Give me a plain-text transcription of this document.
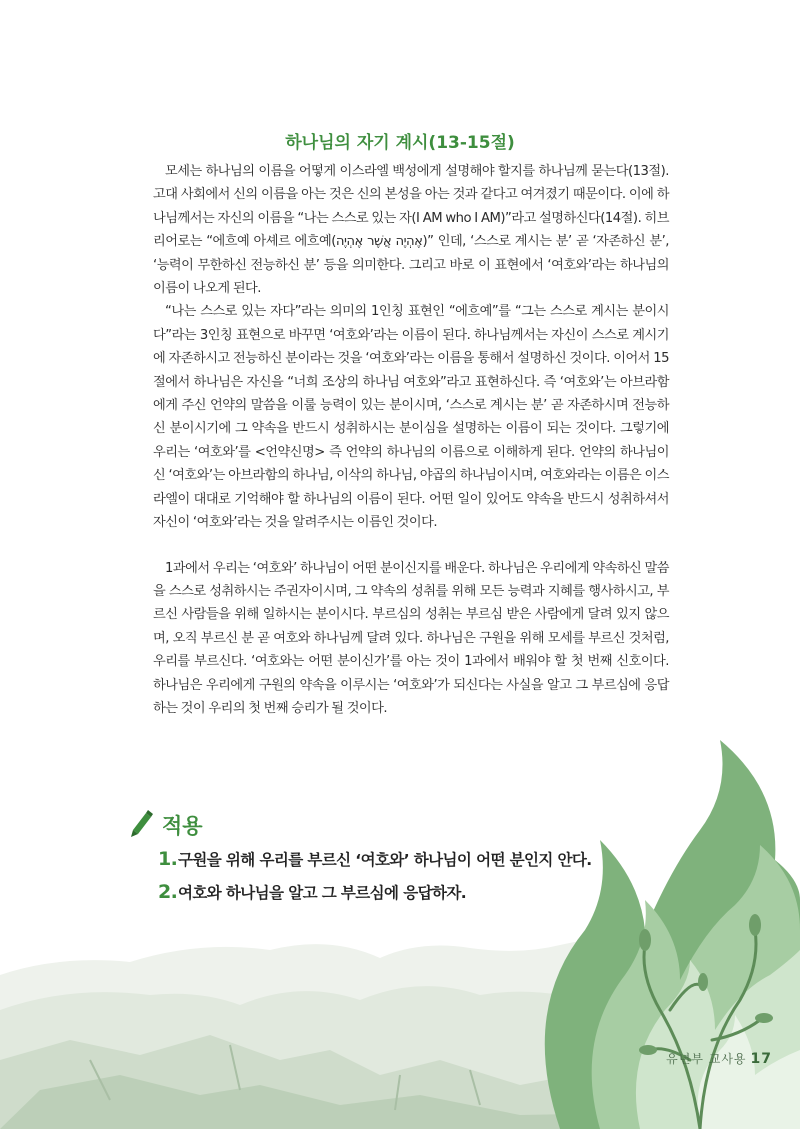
하나님의 자기 계시(13-15절)

모세는 하나님의 이름을 어떻게 이스라엘 백성에게 설명해야 할지를 하나님께 묻는다(13절). 고대 사회에서 신의 이름을 아는 것은 신의 본성을 아는 것과 같다고 여겨졌기 때문이다. 이에 하나님께서는 자신의 이름을 “나는 스스로 있는 자(I AM who I AM)”라고 설명하신다(14절). 히브리어로는 “에흐예 아셰르 에흐예(אֶהְיֶה אֲשֶׁר אֶהְיֶה)” 인데, ‘스스로 계시는 분’ 곧 ‘자존하신 분’, ‘능력이 무한하신 전능하신 분’ 등을 의미한다. 그리고 바로 이 표현에서 ‘여호와’라는 하나님의 이름이 나오게 된다.

“나는 스스로 있는 자다”라는 의미의 1인칭 표현인 “에흐예”를 “그는 스스로 계시는 분이시다”라는 3인칭 표현으로 바꾸면 ‘여호와’라는 이름이 된다. 하나님께서는 자신이 스스로 계시기에 자존하시고 전능하신 분이라는 것을 ‘여호와’라는 이름을 통해서 설명하신 것이다. 이어서 15절에서 하나님은 자신을 “너희 조상의 하나님 여호와”라고 표현하신다. 즉 ‘여호와’는 아브라함에게 주신 언약의 말씀을 이룰 능력이 있는 분이시며, ‘스스로 계시는 분’ 곧 자존하시며 전능하신 분이시기에 그 약속을 반드시 성취하시는 분이심을 설명하는 이름이 되는 것이다. 그렇기에 우리는 ‘여호와’를 <언약신명> 즉 언약의 하나님의 이름으로 이해하게 된다. 언약의 하나님이신 ‘여호와’는 아브라함의 하나님, 이삭의 하나님, 야곱의 하나님이시며, 여호와라는 이름은 이스라엘이 대대로 기억해야 할 하나님의 이름이 된다. 어떤 일이 있어도 약속을 반드시 성취하셔서 자신이 ‘여호와’라는 것을 알려주시는 이름인 것이다.

1과에서 우리는 ‘여호와’ 하나님이 어떤 분이신지를 배운다. 하나님은 우리에게 약속하신 말씀을 스스로 성취하시는 주권자이시며, 그 약속의 성취를 위해 모든 능력과 지혜를 행사하시고, 부르신 사람들을 위해 일하시는 분이시다. 부르심의 성취는 부르심 받은 사람에게 달려 있지 않으며, 오직 부르신 분 곧 여호와 하나님께 달려 있다. 하나님은 구원을 위해 모세를 부르신 것처럼, 우리를 부르신다. ‘여호와는 어떤 분이신가’를 아는 것이 1과에서 배워야 할 첫 번째 신호이다. 하나님은 우리에게 구원의 약속을 이루시는 ‘여호와’가 되신다는 사실을 알고 그 부르심에 응답하는 것이 우리의 첫 번째 승리가 될 것이다.

적용
1. 구원을 위해 우리를 부르신 ‘여호와’ 하나님이 어떤 분인지 안다.
2. 여호와 하나님을 알고 그 부르심에 응답하자.
유년부 교사용 17
